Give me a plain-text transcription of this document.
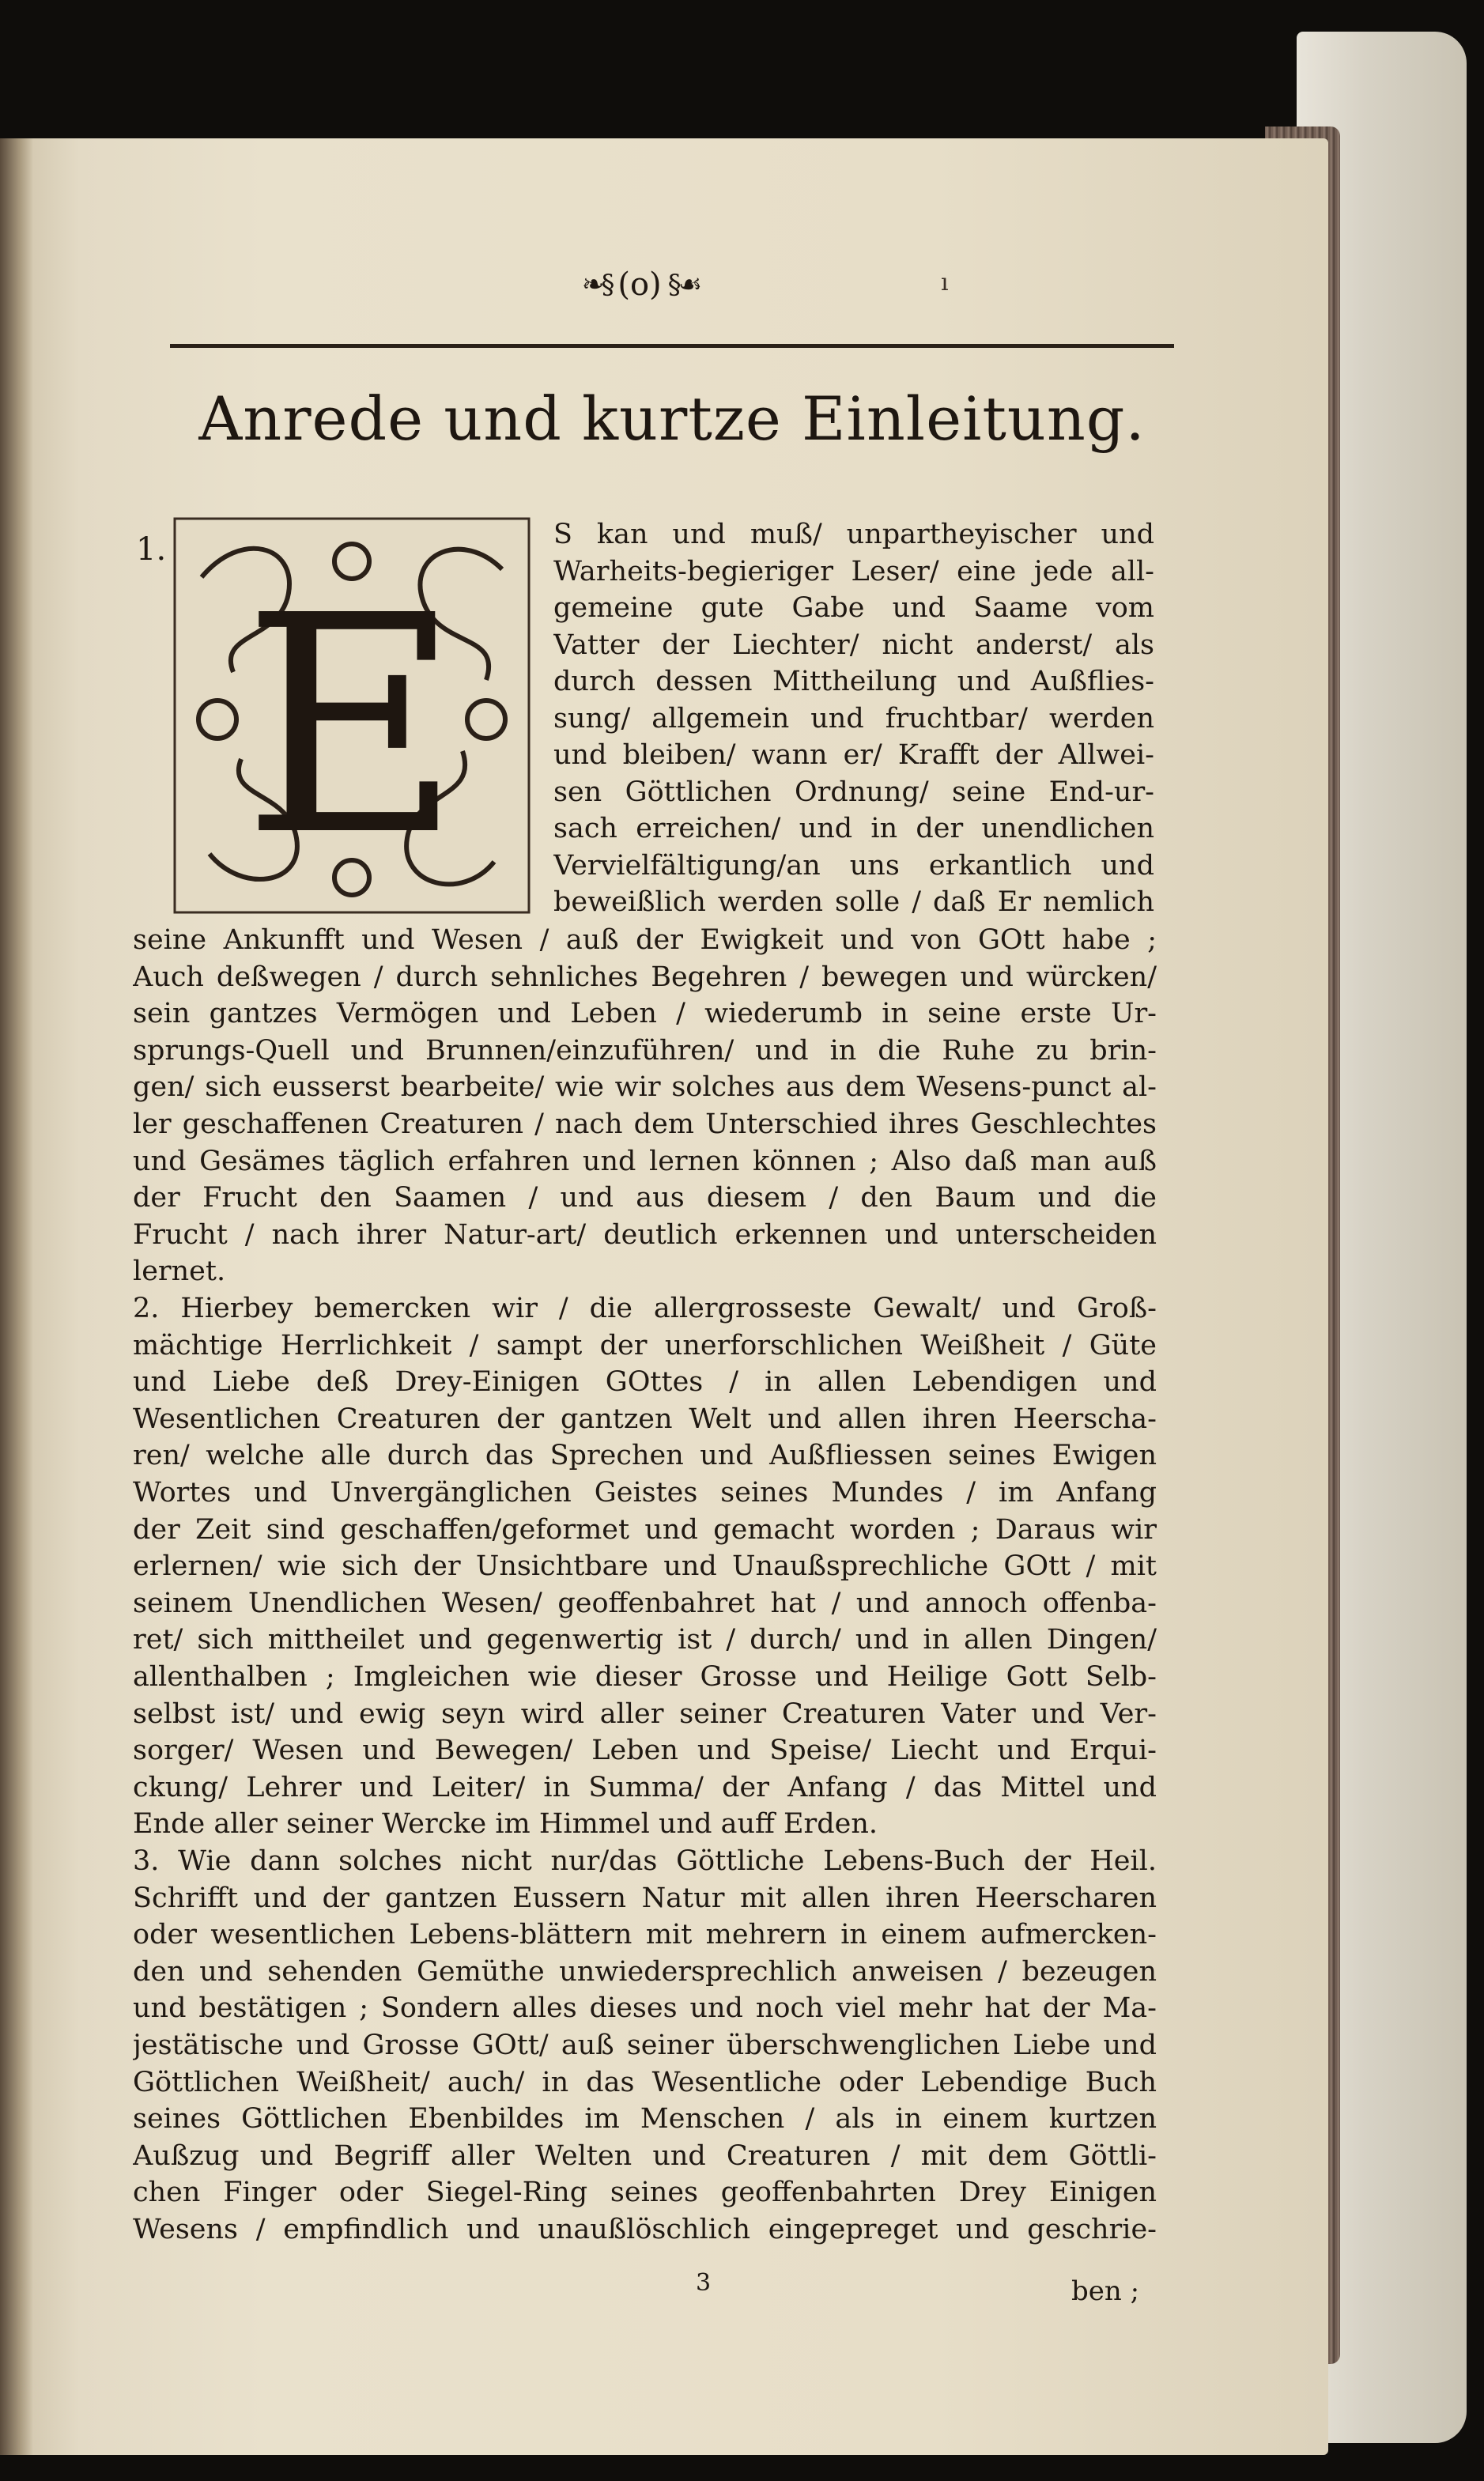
❧§ (o) §☙	ı
Anrede und kurtze Einleitung.
1.
E
S kan und muß/ unpartheyischer und
Warheits-begieriger Leser/ eine jede all-
gemeine gute Gabe und Saame vom
Vatter der Liechter/ nicht anderst/ als
durch dessen Mittheilung und Außflies-
sung/ allgemein und fruchtbar/ werden
und bleiben/ wann er/ Krafft der Allwei-
sen Göttlichen Ordnung/ seine End-ur-
sach erreichen/ und in der unendlichen
Vervielfältigung/an uns erkantlich und
beweißlich werden solle / daß Er nemlich
seine Ankunfft und Wesen / auß der Ewigkeit und von GOtt habe ;
Auch deßwegen / durch sehnliches Begehren / bewegen und würcken/
sein gantzes Vermögen und Leben / wiederumb in seine erste Ur-
sprungs-Quell und Brunnen/einzuführen/ und in die Ruhe zu brin-
gen/ sich eusserst bearbeite/ wie wir solches aus dem Wesens-punct al-
ler geschaffenen Creaturen / nach dem Unterschied ihres Geschlechtes
und Gesämes täglich erfahren und lernen können ; Also daß man auß
der Frucht den Saamen / und aus diesem / den Baum und die
Frucht / nach ihrer Natur-art/ deutlich erkennen und unterscheiden
lernet.
2. Hierbey bemercken wir / die allergrosseste Gewalt/ und Groß-
mächtige Herrlichkeit / sampt der unerforschlichen Weißheit / Güte
und Liebe deß Drey-Einigen GOttes / in allen Lebendigen und
Wesentlichen Creaturen der gantzen Welt und allen ihren Heerscha-
ren/ welche alle durch das Sprechen und Außfliessen seines Ewigen
Wortes und Unvergänglichen Geistes seines Mundes / im Anfang
der Zeit sind geschaffen/geformet und gemacht worden ; Daraus wir
erlernen/ wie sich der Unsichtbare und Unaußsprechliche GOtt / mit
seinem Unendlichen Wesen/ geoffenbahret hat / und annoch offenba-
ret/ sich mittheilet und gegenwertig ist / durch/ und in allen Dingen/
allenthalben ; Imgleichen wie dieser Grosse und Heilige Gott Selb-
selbst ist/ und ewig seyn wird aller seiner Creaturen Vater und Ver-
sorger/ Wesen und Bewegen/ Leben und Speise/ Liecht und Erqui-
ckung/ Lehrer und Leiter/ in Summa/ der Anfang / das Mittel und
Ende aller seiner Wercke im Himmel und auff Erden.
3. Wie dann solches nicht nur/das Göttliche Lebens-Buch der Heil.
Schrifft und der gantzen Eussern Natur mit allen ihren Heerscharen
oder wesentlichen Lebens-blättern mit mehrern in einem aufmercken-
den und sehenden Gemüthe unwiedersprechlich anweisen / bezeugen
und bestätigen ; Sondern alles dieses und noch viel mehr hat der Ma-
jestätische und Grosse GOtt/ auß seiner überschwenglichen Liebe und
Göttlichen Weißheit/ auch/ in das Wesentliche oder Lebendige Buch
seines Göttlichen Ebenbildes im Menschen / als in einem kurtzen
Außzug und Begriff aller Welten und Creaturen / mit dem Göttli-
chen Finger oder Siegel-Ring seines geoffenbahrten Drey Einigen
Wesens / empfindlich und unaußlöschlich eingepreget und geschrie-
3	ben ;
